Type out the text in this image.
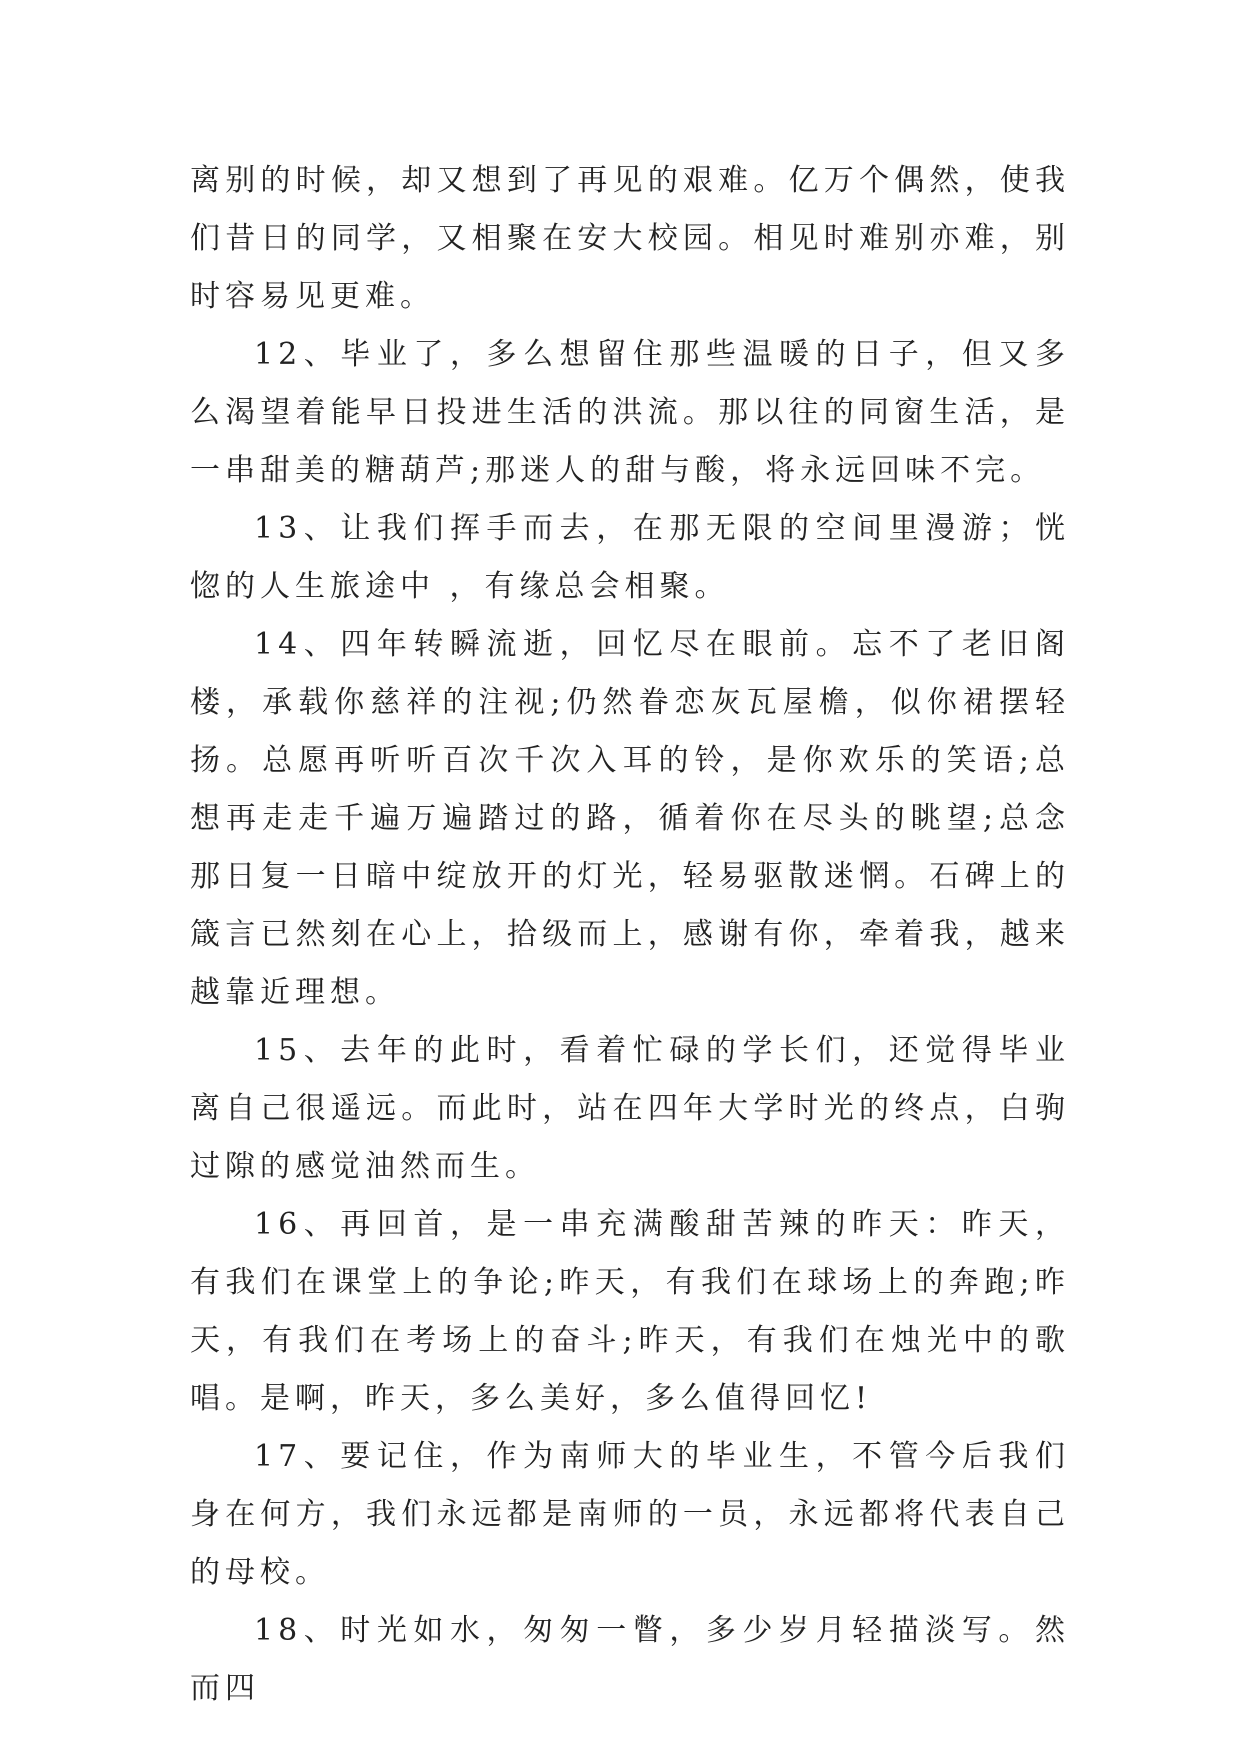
离别的时候，却又想到了再见的艰难。亿万个偶然，使我们昔日的同学，又相聚在安大校园。相见时难别亦难，别时容易见更难。

12、毕业了，多么想留住那些温暖的日子，但又多么渴望着能早日投进生活的洪流。那以往的同窗生活，是一串甜美的糖葫芦;那迷人的甜与酸，将永远回味不完。

13、让我们挥手而去，在那无限的空间里漫游；恍惚的人生旅途中 ，有缘总会相聚。

14、四年转瞬流逝，回忆尽在眼前。忘不了老旧阁楼，承载你慈祥的注视;仍然眷恋灰瓦屋檐，似你裙摆轻扬。总愿再听听百次千次入耳的铃，是你欢乐的笑语;总想再走走千遍万遍踏过的路，循着你在尽头的眺望;总念那日复一日暗中绽放开的灯光，轻易驱散迷惘。石碑上的箴言已然刻在心上，拾级而上，感谢有你，牵着我，越来越靠近理想。

15、去年的此时，看着忙碌的学长们，还觉得毕业离自己很遥远。而此时，站在四年大学时光的终点，白驹过隙的感觉油然而生。

16、再回首，是一串充满酸甜苦辣的昨天：昨天，有我们在课堂上的争论;昨天，有我们在球场上的奔跑;昨天，有我们在考场上的奋斗;昨天，有我们在烛光中的歌唱。是啊，昨天，多么美好，多么值得回忆!

17、要记住，作为南师大的毕业生，不管今后我们身在何方，我们永远都是南师的一员，永远都将代表自己的母校。

18、时光如水，匆匆一瞥，多少岁月轻描淡写。然而四
